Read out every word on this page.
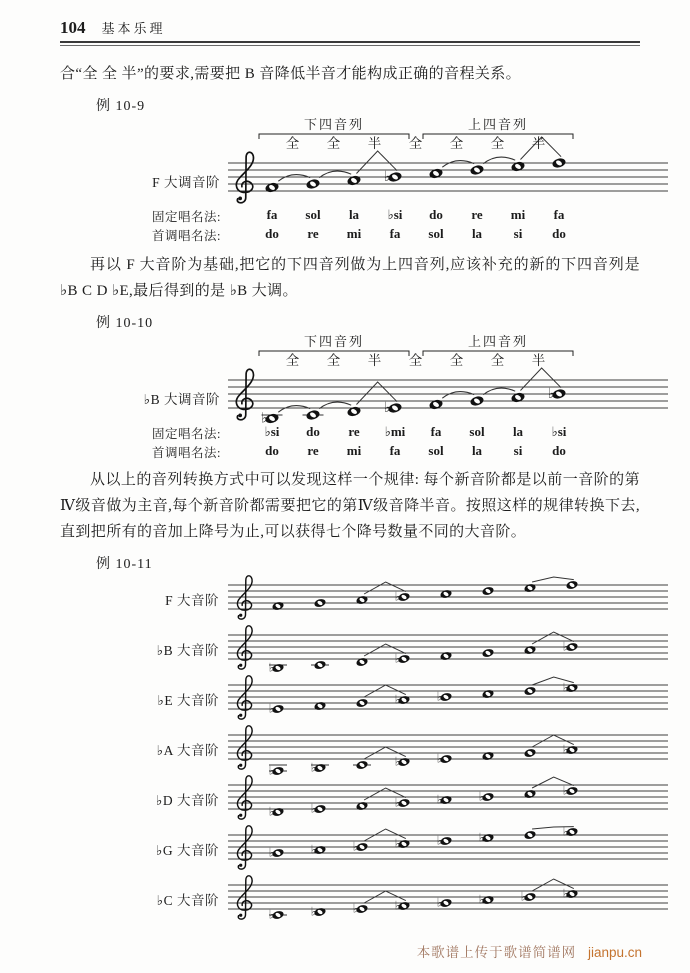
104 基本乐理

合“全 全 半”的要求,需要把 B 音降低半音才能构成正确的音程关系。

例 10-9
F 大调音阶	♭
下四音列
全 全 半
上四音列
全 全 半
全
固定唱名法:	fa	sol	la	♭si	do	re	mi	fa
首调唱名法:	do	re	mi	fa	sol	la	si	do

再以 F 大音阶为基础,把它的下四音列做为上四音列,应该补充的新的下四音列是 ♭B C D ♭E,最后得到的是 ♭B 大调。

例 10-10
♭B 大调音阶
♭
♭
♭
下四音列
全 全 半
上四音列
全 全 半
全
固定唱名法:	♭si	do	re	♭mi	fa	sol	la	♭si
首调唱名法:	do	re	mi	fa	sol	la	si	do

从以上的音列转换方式中可以发现这样一个规律: 每个新音阶都是以前一音阶的第Ⅳ级音做为主音,每个新音阶都需要把它的第Ⅳ级音降半音。按照这样的规律转换下去,直到把所有的音加上降号为止,可以获得七个降号数量不同的大音阶。

例 10-11
F 大音阶	♭
♭B 大音阶
♭
♭
♭
♭E 大音阶
♭
♭	♭
♭
♭A 大音阶
♭	♭	♭	♭
♭
♭D 大音阶
♭	♭	♭	♭	♭	♭
♭G 大音阶	♭	♭	♭	♭	♭	♭	♭
♭C 大音阶
♭	♭	♭	♭	♭	♭	♭	♭
本歌谱上传于歌谱简谱网 jianpu.cn
